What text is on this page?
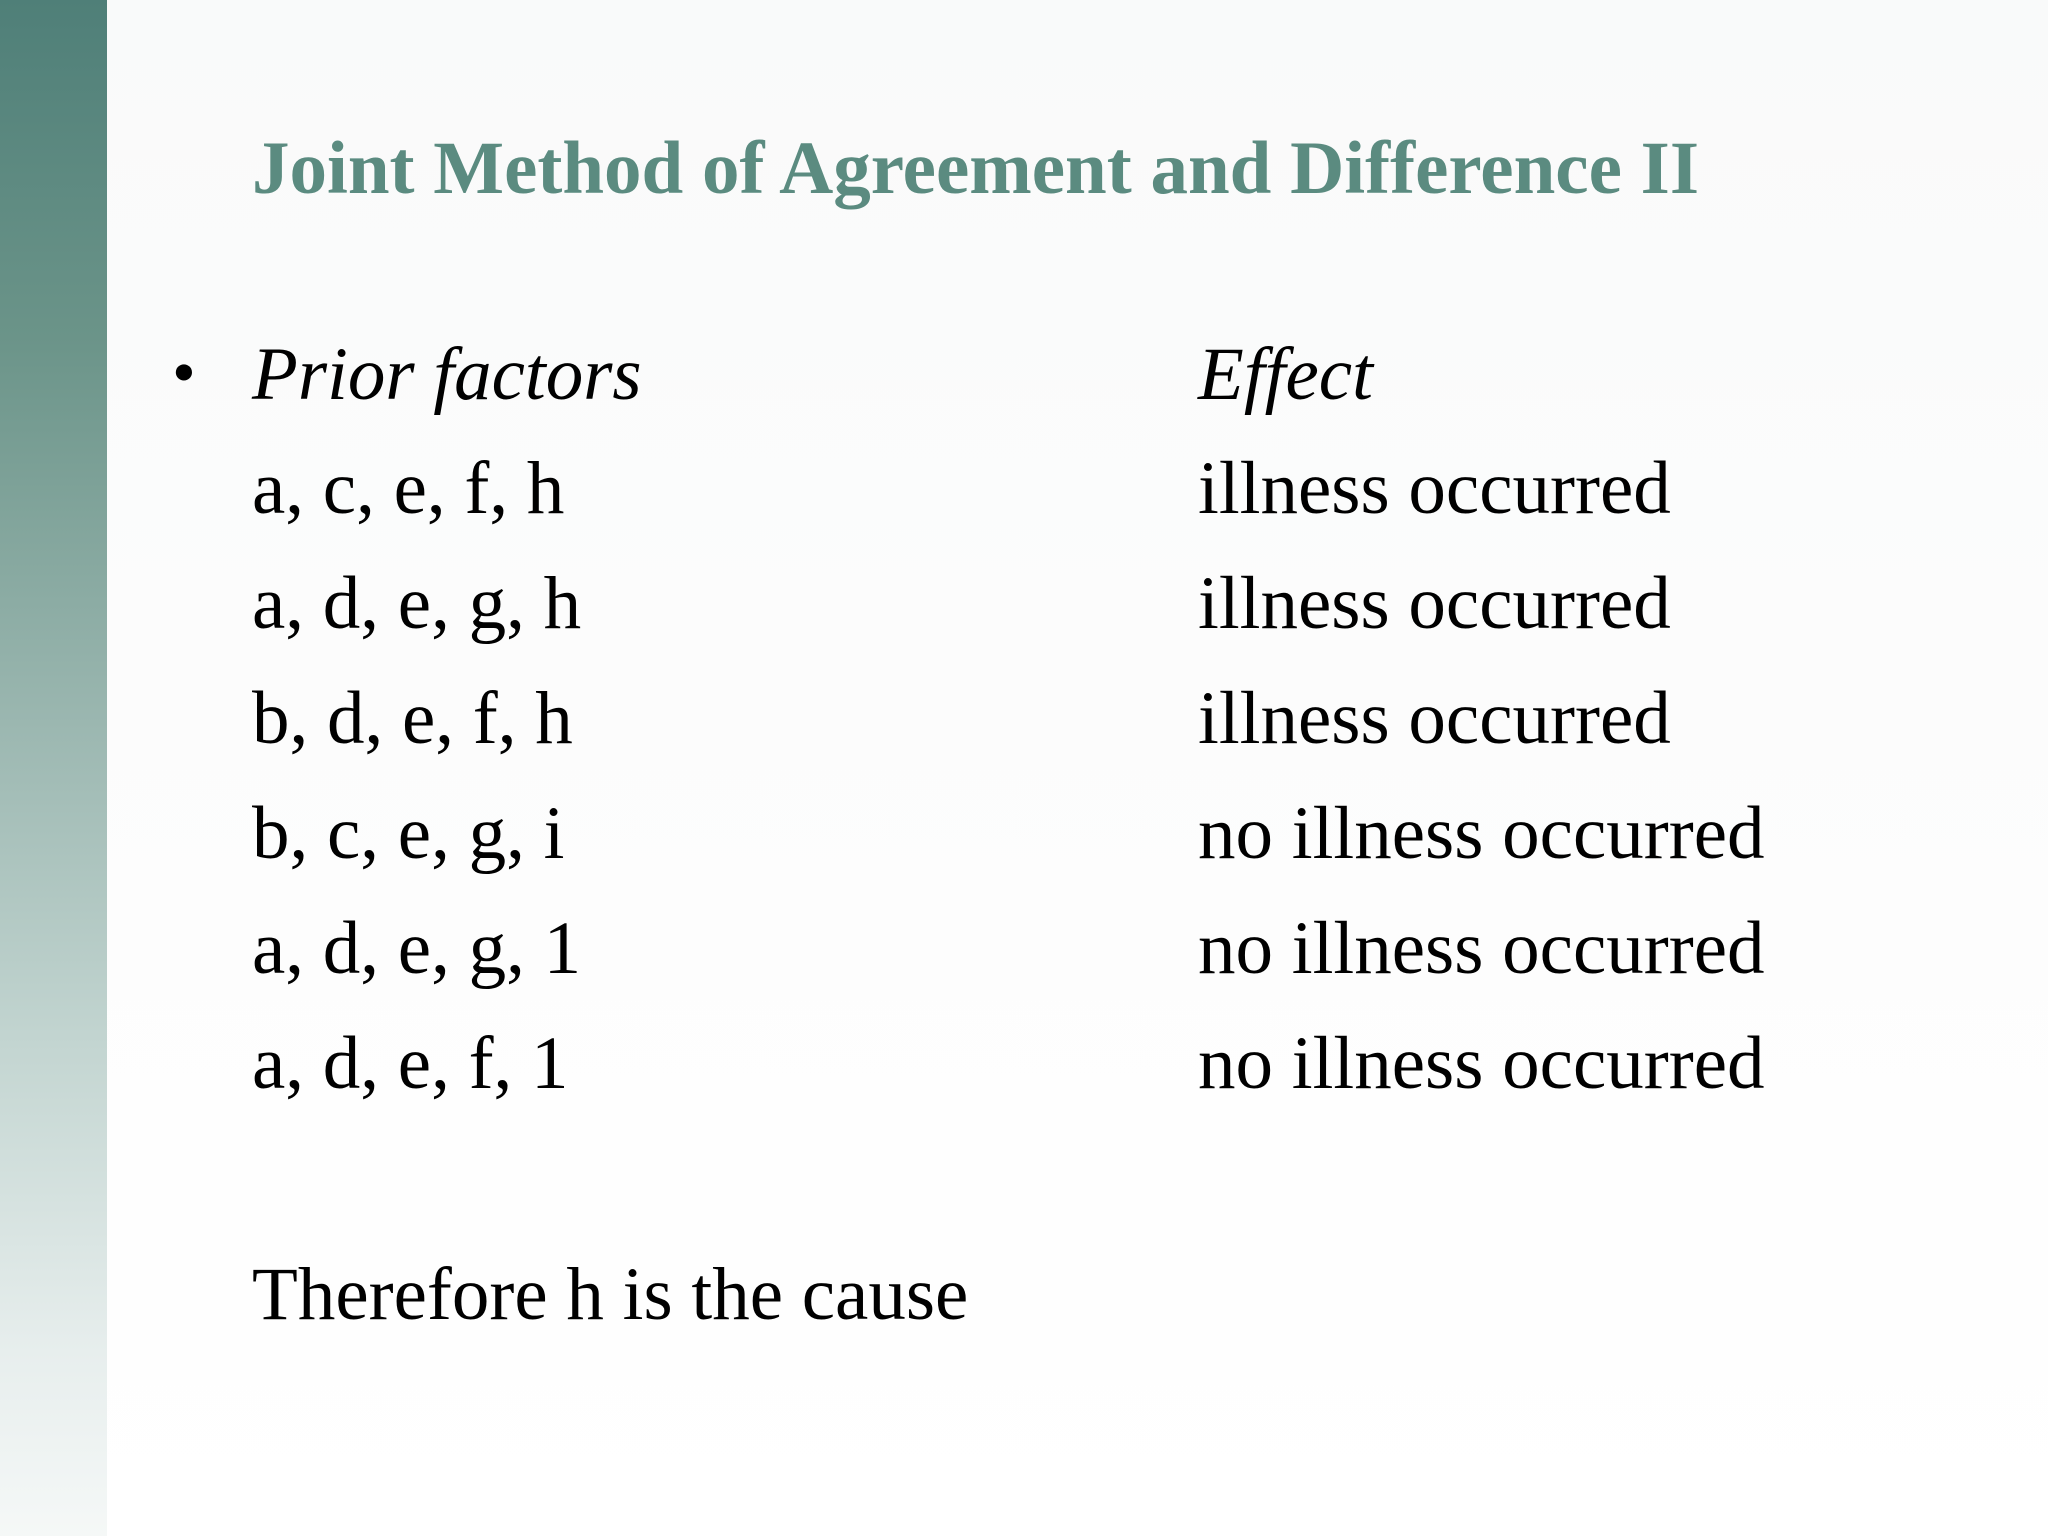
Joint Method of Agreement and Difference II
• Prior factors	Effect
a, c, e, f, h	illness occurred
a, d, e, g, h	illness occurred
b, d, e, f, h	illness occurred
b, c, e, g, i	no illness occurred
a, d, e, g, 1	no illness occurred
a, d, e, f, 1	no illness occurred
Therefore h is the cause
